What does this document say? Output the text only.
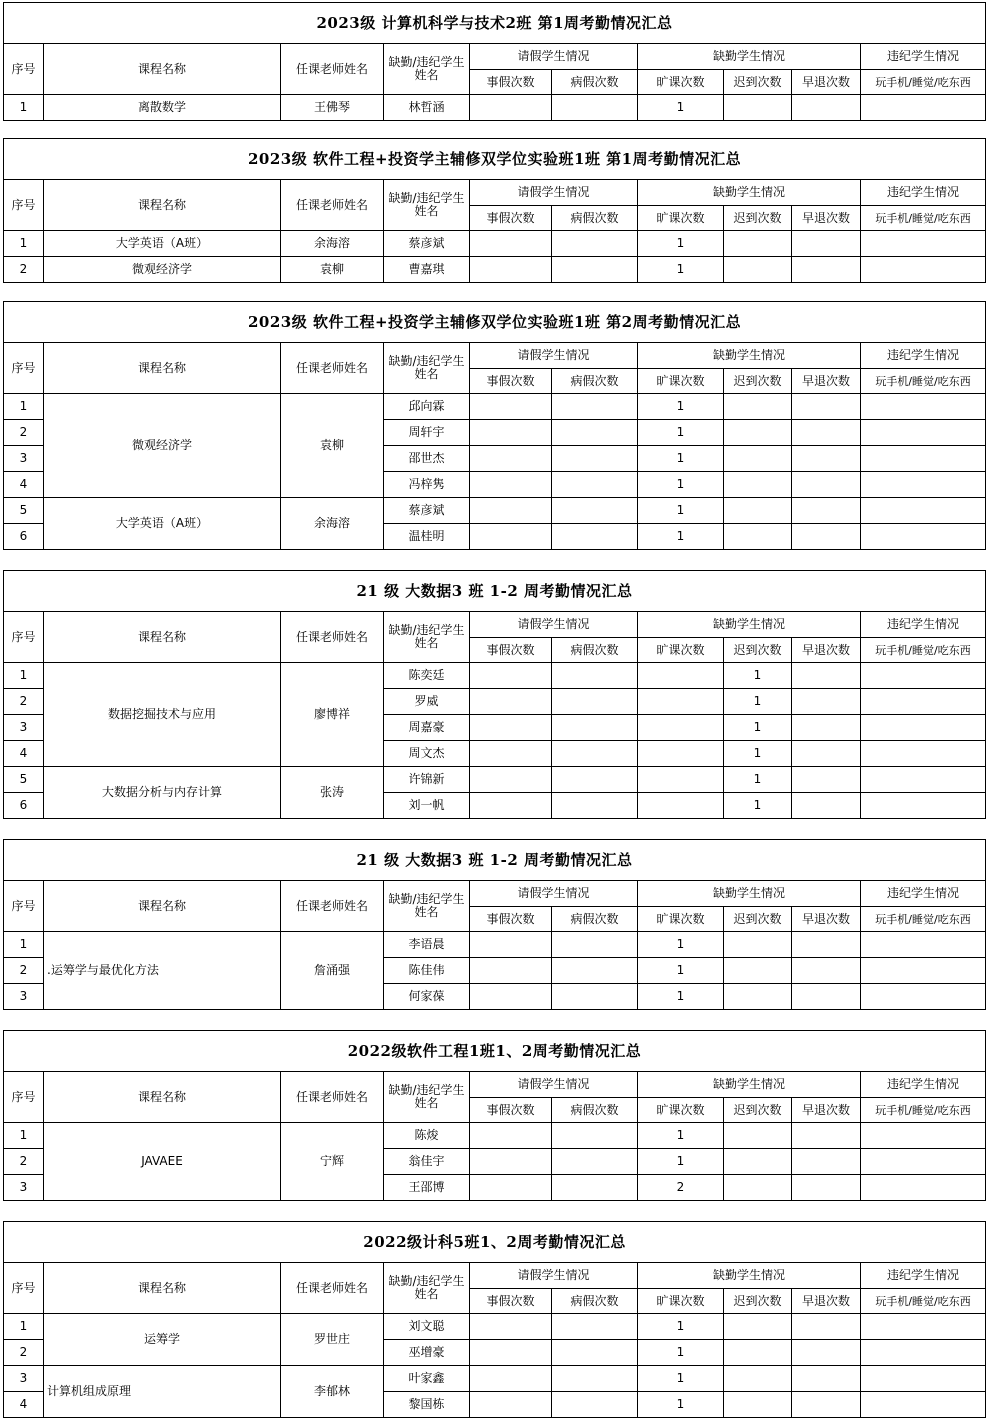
2023级 计算机科学与技术2班 第1周考勤情况汇总									
序号	课程名称	任课老师姓名	缺勤/违纪学生姓名	请假学生情况		缺勤学生情况			违纪学生情况
				事假次数	病假次数	旷课次数	迟到次数	早退次数	玩手机/睡觉/吃东西
1	离散数学	王佛琴	林哲涵			1			
2023级 软件工程+投资学主辅修双学位实验班1班 第1周考勤情况汇总									
序号	课程名称	任课老师姓名	缺勤/违纪学生姓名	请假学生情况		缺勤学生情况			违纪学生情况
				事假次数	病假次数	旷课次数	迟到次数	早退次数	玩手机/睡觉/吃东西
1	大学英语（A班）	余海溶	蔡彦斌			1			
2	微观经济学	袁柳	曹嘉琪			1			
2023级 软件工程+投资学主辅修双学位实验班1班 第2周考勤情况汇总									
序号	课程名称	任课老师姓名	缺勤/违纪学生姓名	请假学生情况		缺勤学生情况			违纪学生情况
				事假次数	病假次数	旷课次数	迟到次数	早退次数	玩手机/睡觉/吃东西
1	微观经济学	袁柳	邱向霖			1			
2			周轩宇			1			
3			邵世杰			1			
4			冯梓隽			1			
5	大学英语（A班）	余海溶	蔡彦斌			1			
6			温桂明			1			
21 级 大数据3 班 1-2 周考勤情况汇总									
序号	课程名称	任课老师姓名	缺勤/违纪学生姓名	请假学生情况		缺勤学生情况			违纪学生情况
				事假次数	病假次数	旷课次数	迟到次数	早退次数	玩手机/睡觉/吃东西
1	数据挖掘技术与应用	廖博祥	陈奕廷				1		
2			罗威				1		
3			周嘉豪				1		
4			周文杰				1		
5	大数据分析与内存计算	张涛	许锦新				1		
6			刘一帆				1		
21 级 大数据3 班 1-2 周考勤情况汇总									
序号	课程名称	任课老师姓名	缺勤/违纪学生姓名	请假学生情况		缺勤学生情况			违纪学生情况
				事假次数	病假次数	旷课次数	迟到次数	早退次数	玩手机/睡觉/吃东西
1	.运筹学与最优化方法	詹涌强	李语晨			1			
2			陈佳伟			1			
3			何家葆			1			
2022级软件工程1班1、2周考勤情况汇总									
序号	课程名称	任课老师姓名	缺勤/违纪学生姓名	请假学生情况		缺勤学生情况			违纪学生情况
				事假次数	病假次数	旷课次数	迟到次数	早退次数	玩手机/睡觉/吃东西
1	JAVAEE	宁辉	陈焌			1			
2			翁佳宇			1			
3			王邵博			2			
2022级计科5班1、2周考勤情况汇总									
序号	课程名称	任课老师姓名	缺勤/违纪学生姓名	请假学生情况		缺勤学生情况			违纪学生情况
				事假次数	病假次数	旷课次数	迟到次数	早退次数	玩手机/睡觉/吃东西
1	运筹学	罗世庄	刘文聪			1			
2			巫增豪			1			
3	计算机组成原理	李郁林	叶家鑫			1			
4			黎国栋			1			
